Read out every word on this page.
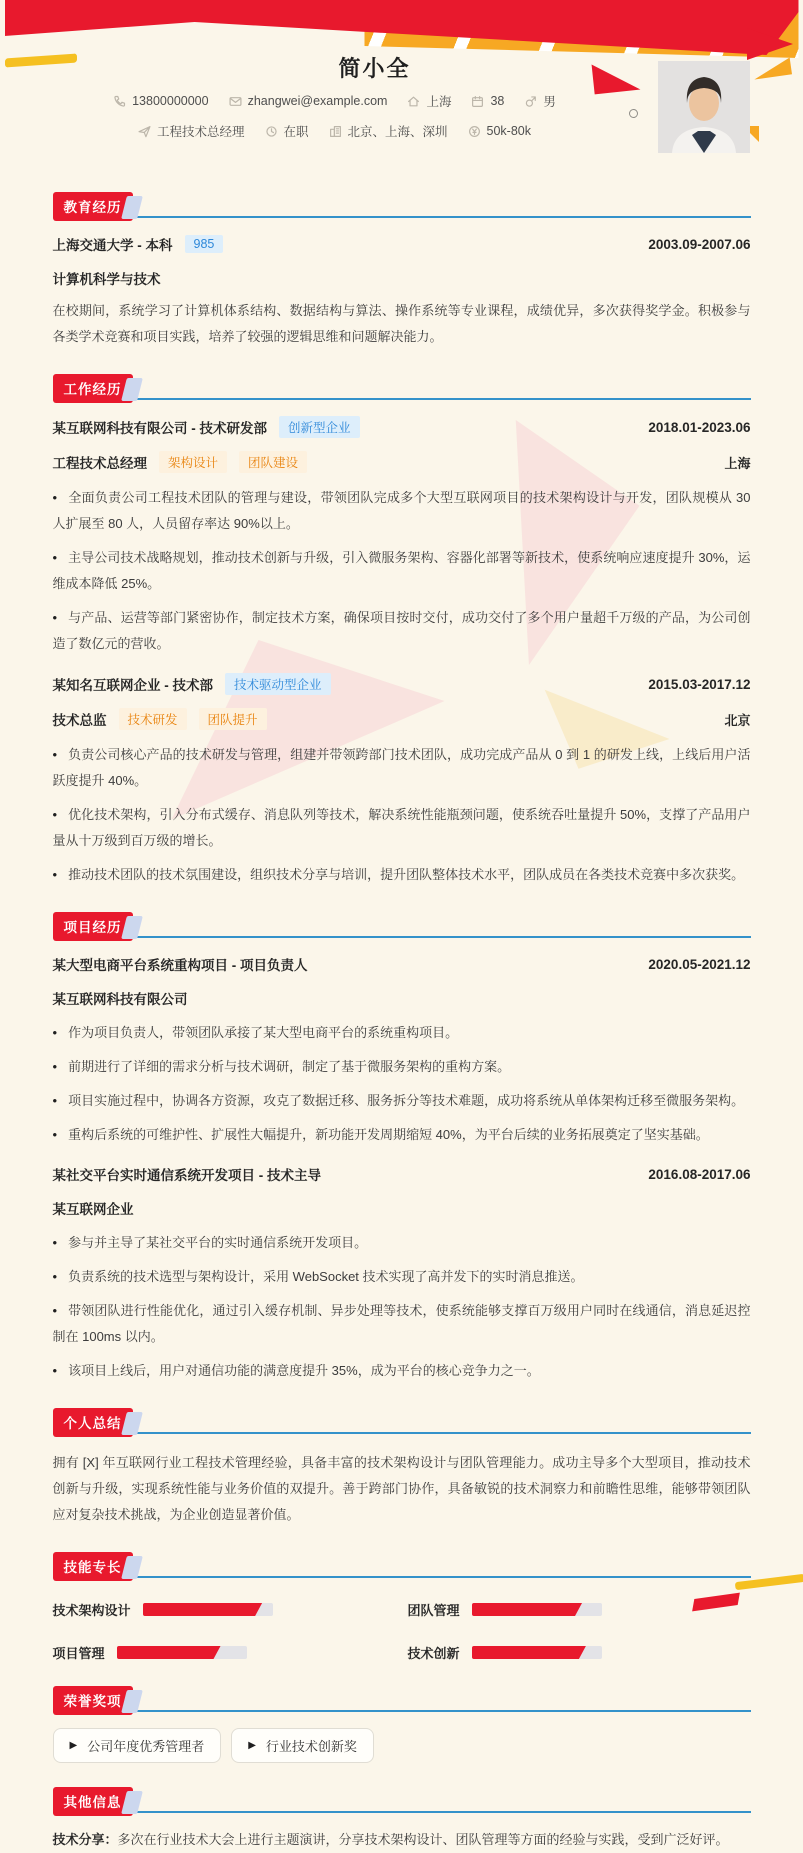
简小全
13800000000	zhangwei@example.com	上海	38	男
工程技术总经理	在职	北京、上海、深圳	50k-80k
教育经历
上海交通大学 - 本科	985	2003.09-2007.06
计算机科学与技术

在校期间，系统学习了计算机体系结构、数据结构与算法、操作系统等专业课程，成绩优异，多次获得奖学金。积极参与各类学术竞赛和项目实践，培养了较强的逻辑思维和问题解决能力。

工作经历
某互联网科技有限公司 - 技术研发部	创新型企业	2018.01-2023.06
工程技术总经理	架构设计	团队建设	上海
• 全面负责公司工程技术团队的管理与建设，带领团队完成多个大型互联网项目的技术架构设计与开发，团队规模从 30 人扩展至 80 人，人员留存率达 90%以上。
• 主导公司技术战略规划，推动技术创新与升级，引入微服务架构、容器化部署等新技术，使系统响应速度提升 30%，运维成本降低 25%。
• 与产品、运营等部门紧密协作，制定技术方案，确保项目按时交付，成功交付了多个用户量超千万级的产品，为公司创造了数亿元的营收。
某知名互联网企业 - 技术部	技术驱动型企业	2015.03-2017.12
技术总监	技术研发	团队提升	北京
• 负责公司核心产品的技术研发与管理，组建并带领跨部门技术团队，成功完成产品从 0 到 1 的研发上线，上线后用户活跃度提升 40%。
• 优化技术架构，引入分布式缓存、消息队列等技术，解决系统性能瓶颈问题，使系统吞吐量提升 50%，支撑了产品用户量从十万级到百万级的增长。
• 推动技术团队的技术氛围建设，组织技术分享与培训，提升团队整体技术水平，团队成员在各类技术竞赛中多次获奖。
项目经历
某大型电商平台系统重构项目 - 项目负责人	2020.05-2021.12
某互联网科技有限公司
• 作为项目负责人，带领团队承接了某大型电商平台的系统重构项目。
• 前期进行了详细的需求分析与技术调研，制定了基于微服务架构的重构方案。
• 项目实施过程中，协调各方资源，攻克了数据迁移、服务拆分等技术难题，成功将系统从单体架构迁移至微服务架构。
• 重构后系统的可维护性、扩展性大幅提升，新功能开发周期缩短 40%，为平台后续的业务拓展奠定了坚实基础。
某社交平台实时通信系统开发项目 - 技术主导	2016.08-2017.06
某互联网企业
• 参与并主导了某社交平台的实时通信系统开发项目。
• 负责系统的技术选型与架构设计，采用 WebSocket 技术实现了高并发下的实时消息推送。
• 带领团队进行性能优化，通过引入缓存机制、异步处理等技术，使系统能够支撑百万级用户同时在线通信，消息延迟控制在 100ms 以内。
• 该项目上线后，用户对通信功能的满意度提升 35%，成为平台的核心竞争力之一。
个人总结

拥有 [X] 年互联网行业工程技术管理经验，具备丰富的技术架构设计与团队管理能力。成功主导多个大型项目，推动技术创新与升级，实现系统性能与业务价值的双提升。善于跨部门协作，具备敏锐的技术洞察力和前瞻性思维，能够带领团队应对复杂技术挑战，为企业创造显著价值。

技能专长
技术架构设计	团队管理
项目管理	技术创新
荣誉奖项
▶ 公司年度优秀管理者	▶ 行业技术创新奖
其他信息

技术分享：多次在行业技术大会上进行主题演讲，分享技术架构设计、团队管理等方面的经验与实践，受到广泛好评。
